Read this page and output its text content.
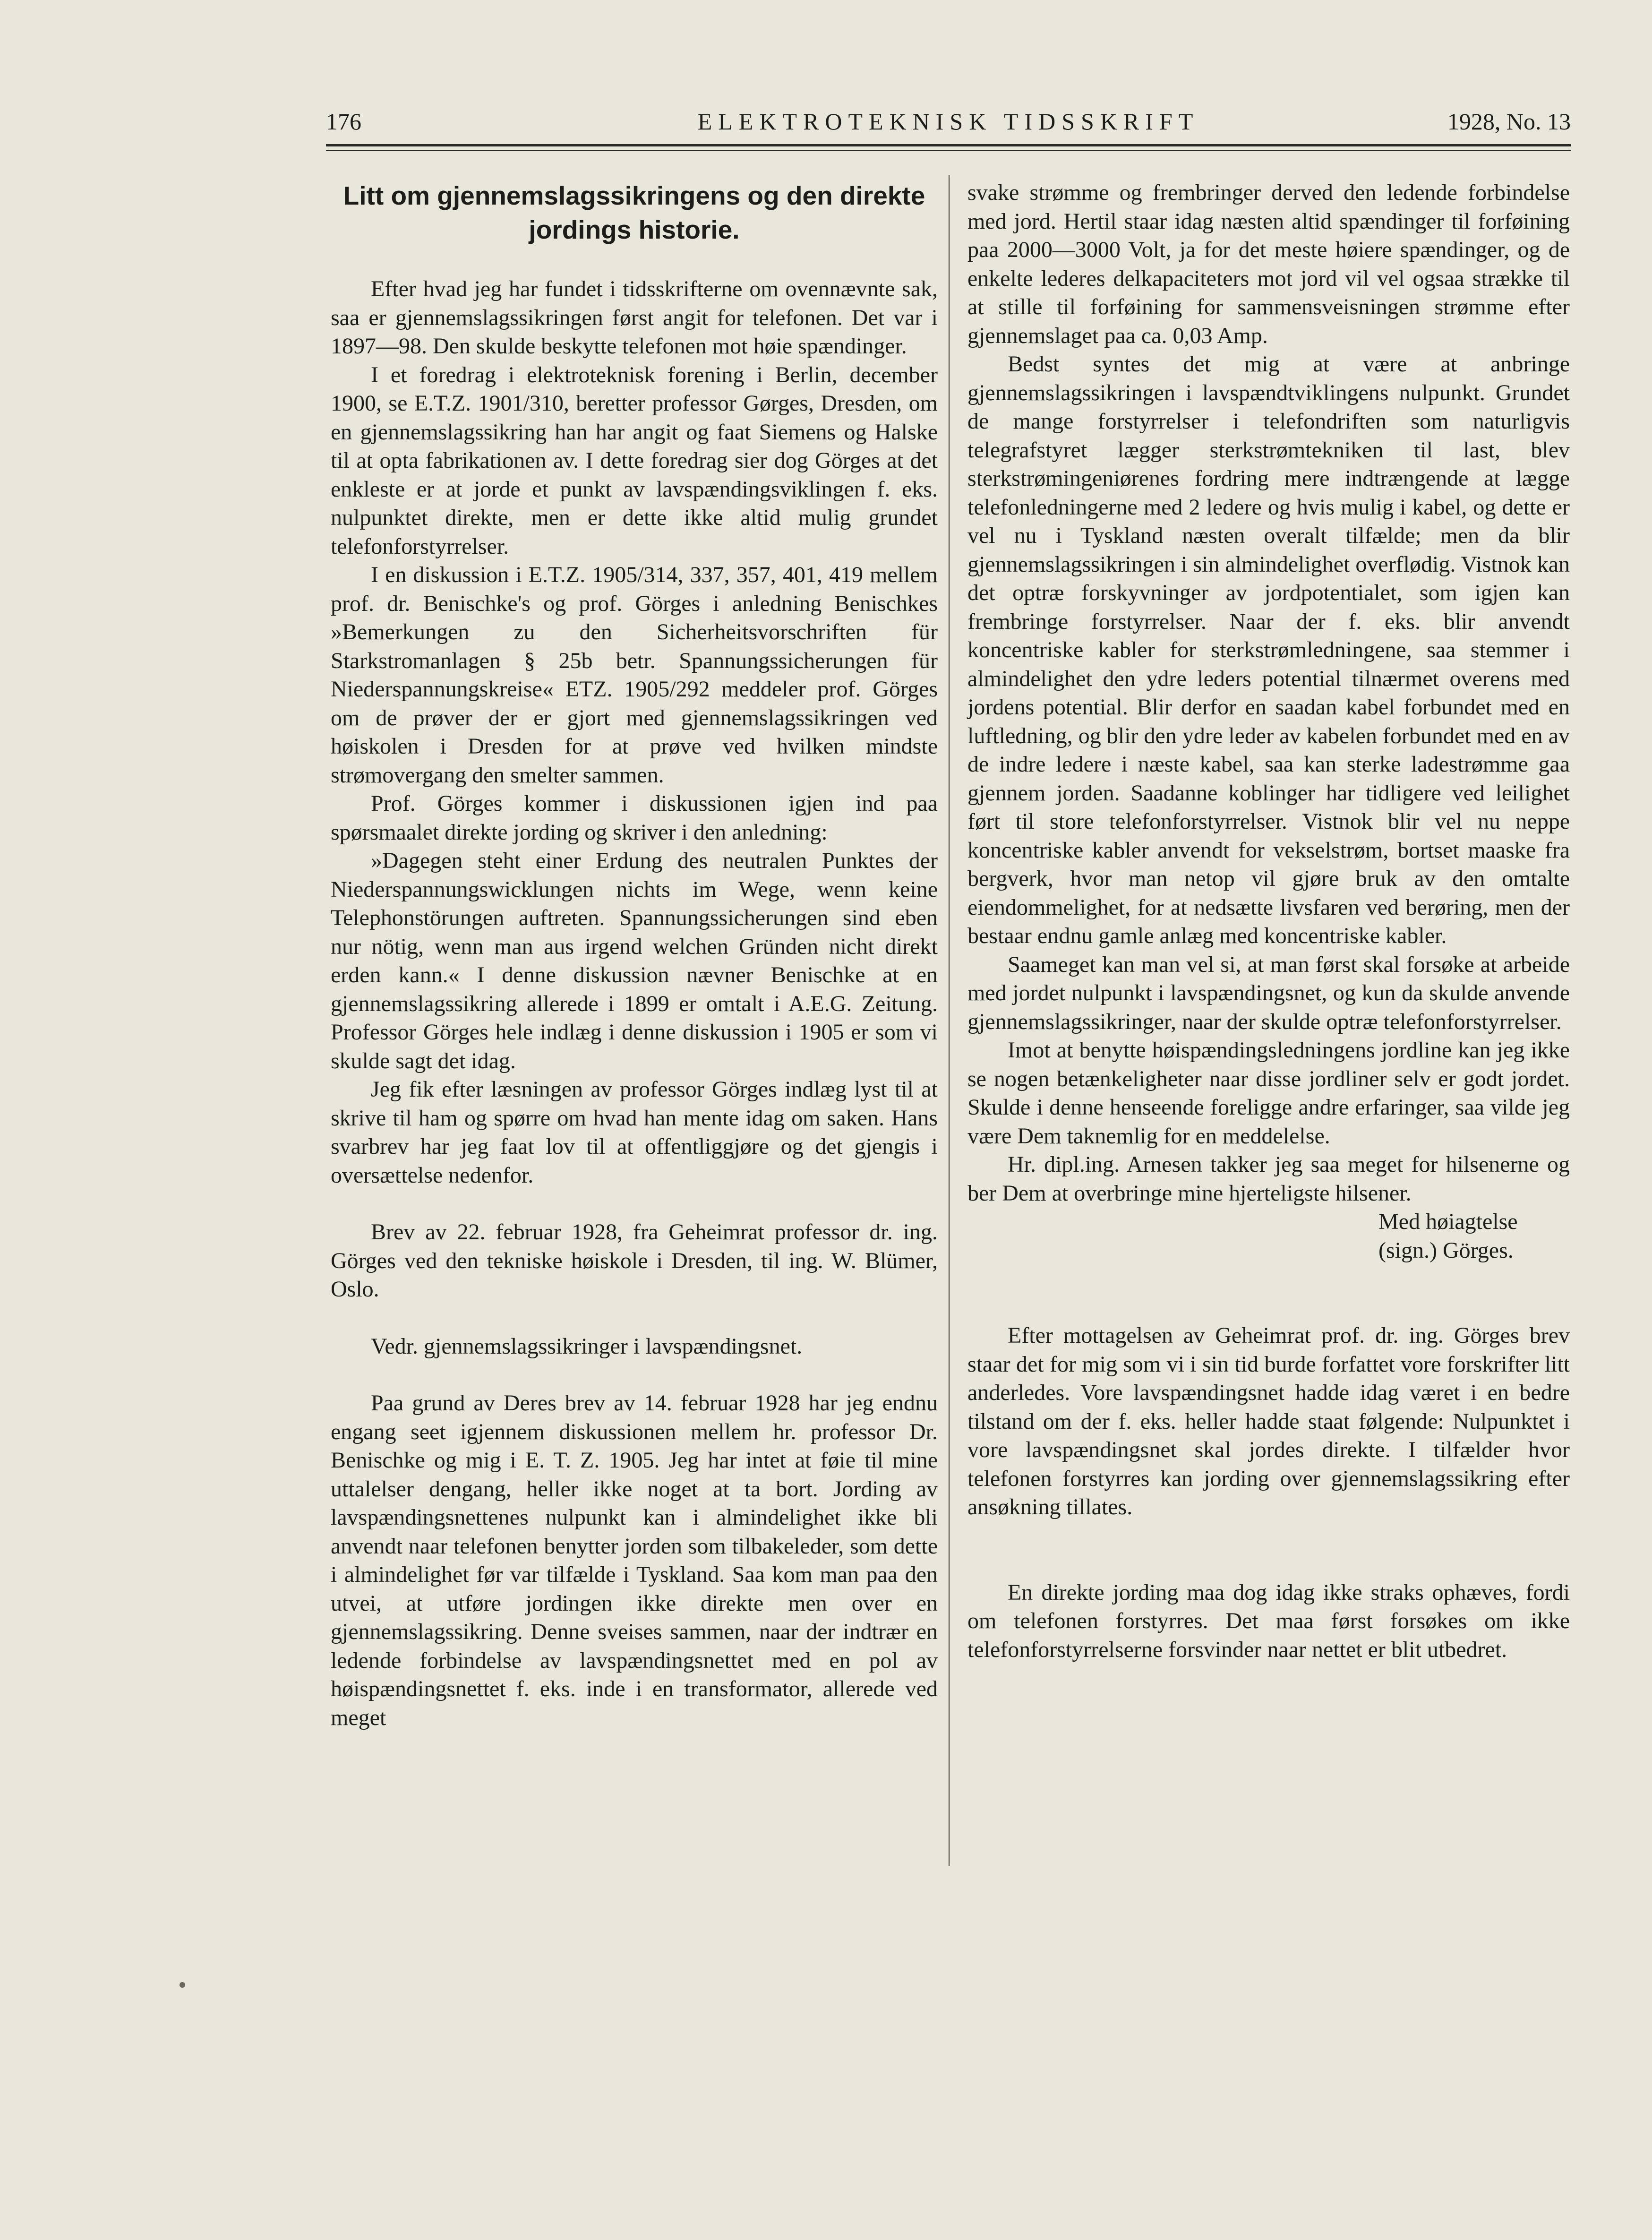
176	ELEKTROTEKNISK TIDSSKRIFT	1928, No. 13

Litt om gjennemslagssikringens og den direkte jordings historie.

Efter hvad jeg har fundet i tidsskrifterne om ovennævnte sak, saa er gjennemslagssikringen først angit for telefonen. Det var i 1897—98. Den skulde beskytte telefonen mot høie spændinger.

I et foredrag i elektroteknisk forening i Berlin, december 1900, se E.T.Z. 1901/310, beretter professor Gørges, Dresden, om en gjennemslagssikring han har angit og faat Siemens og Halske til at opta fabrikationen av. I dette foredrag sier dog Görges at det enkleste er at jorde et punkt av lavspændingsviklingen f. eks. nulpunktet direkte, men er dette ikke altid mulig grundet telefonforstyrrelser.

I en diskussion i E.T.Z. 1905/314, 337, 357, 401, 419 mellem prof. dr. Benischke's og prof. Görges i anledning Benischkes »Bemerkungen zu den Sicherheitsvorschriften für Starkstromanlagen § 25b betr. Spannungssicherungen für Niederspannungskreise« ETZ. 1905/292 meddeler prof. Görges om de prøver der er gjort med gjennemslagssikringen ved høiskolen i Dresden for at prøve ved hvilken mindste strømovergang den smelter sammen.

Prof. Görges kommer i diskussionen igjen ind paa spørsmaalet direkte jording og skriver i den anledning:

»Dagegen steht einer Erdung des neutralen Punktes der Niederspannungswicklungen nichts im Wege, wenn keine Telephonstörungen auftreten. Spannungssicherungen sind eben nur nötig, wenn man aus irgend welchen Gründen nicht direkt erden kann.« I denne diskussion nævner Benischke at en gjennemslagssikring allerede i 1899 er omtalt i A.E.G. Zeitung. Professor Görges hele indlæg i denne diskussion i 1905 er som vi skulde sagt det idag.

Jeg fik efter læsningen av professor Görges indlæg lyst til at skrive til ham og spørre om hvad han mente idag om saken. Hans svarbrev har jeg faat lov til at offentliggjøre og det gjengis i oversættelse nedenfor.

Brev av 22. februar 1928, fra Geheimrat professor dr. ing. Görges ved den tekniske høiskole i Dresden, til ing. W. Blümer, Oslo.

Vedr. gjennemslagssikringer i lavspændingsnet.

Paa grund av Deres brev av 14. februar 1928 har jeg endnu engang seet igjennem diskussionen mellem hr. professor Dr. Benischke og mig i E. T. Z. 1905. Jeg har intet at føie til mine uttalelser dengang, heller ikke noget at ta bort. Jording av lavspændingsnettenes nulpunkt kan i almindelighet ikke bli anvendt naar telefonen benytter jorden som tilbakeleder, som dette i almindelighet før var tilfælde i Tyskland. Saa kom man paa den utvei, at utføre jordingen ikke direkte men over en gjennemslagssikring. Denne sveises sammen, naar der indtrær en ledende forbindelse av lavspændingsnettet med en pol av høispændingsnettet f. eks. inde i en transformator, allerede ved meget

svake strømme og frembringer derved den ledende forbindelse med jord. Hertil staar idag næsten altid spændinger til forføining paa 2000—3000 Volt, ja for det meste høiere spændinger, og de enkelte lederes delkapaciteters mot jord vil vel ogsaa strække til at stille til forføining for sammensveisningen strømme efter gjennemslaget paa ca. 0,03 Amp.

Bedst syntes det mig at være at anbringe gjennemslagssikringen i lavspændtviklingens nulpunkt. Grundet de mange forstyrrelser i telefondriften som naturligvis telegrafstyret lægger sterkstrømtekniken til last, blev sterkstrømingeniørenes fordring mere indtrængende at lægge telefonledningerne med 2 ledere og hvis mulig i kabel, og dette er vel nu i Tyskland næsten overalt tilfælde; men da blir gjennemslagssikringen i sin almindelighet overflødig. Vistnok kan det optræ forskyvninger av jordpotentialet, som igjen kan frembringe forstyrrelser. Naar der f. eks. blir anvendt koncentriske kabler for sterkstrømledningene, saa stemmer i almindelighet den ydre leders potential tilnærmet overens med jordens potential. Blir derfor en saadan kabel forbundet med en luftledning, og blir den ydre leder av kabelen forbundet med en av de indre ledere i næste kabel, saa kan sterke ladestrømme gaa gjennem jorden. Saadanne koblinger har tidligere ved leilighet ført til store telefonforstyrrelser. Vistnok blir vel nu neppe koncentriske kabler anvendt for vekselstrøm, bortset maaske fra bergverk, hvor man netop vil gjøre bruk av den omtalte eiendommelighet, for at nedsætte livsfaren ved berøring, men der bestaar endnu gamle anlæg med koncentriske kabler.

Saameget kan man vel si, at man først skal forsøke at arbeide med jordet nulpunkt i lavspændingsnet, og kun da skulde anvende gjennemslagssikringer, naar der skulde optræ telefonforstyrrelser.

Imot at benytte høispændingsledningens jordline kan jeg ikke se nogen betænkeligheter naar disse jordliner selv er godt jordet. Skulde i denne henseende foreligge andre erfaringer, saa vilde jeg være Dem taknemlig for en meddelelse.

Hr. dipl.ing. Arnesen takker jeg saa meget for hilsenerne og ber Dem at overbringe mine hjerteligste hilsener.

Med høiagtelse

(sign.) Görges.

Efter mottagelsen av Geheimrat prof. dr. ing. Görges brev staar det for mig som vi i sin tid burde forfattet vore forskrifter litt anderledes. Vore lavspændingsnet hadde idag været i en bedre tilstand om der f. eks. heller hadde staat følgende: Nulpunktet i vore lavspændingsnet skal jordes direkte. I tilfælder hvor telefonen forstyrres kan jording over gjennemslagssikring efter ansøkning tillates.

En direkte jording maa dog idag ikke straks ophæves, fordi om telefonen forstyrres. Det maa først forsøkes om ikke telefonforstyrrelserne forsvinder naar nettet er blit utbedret.
